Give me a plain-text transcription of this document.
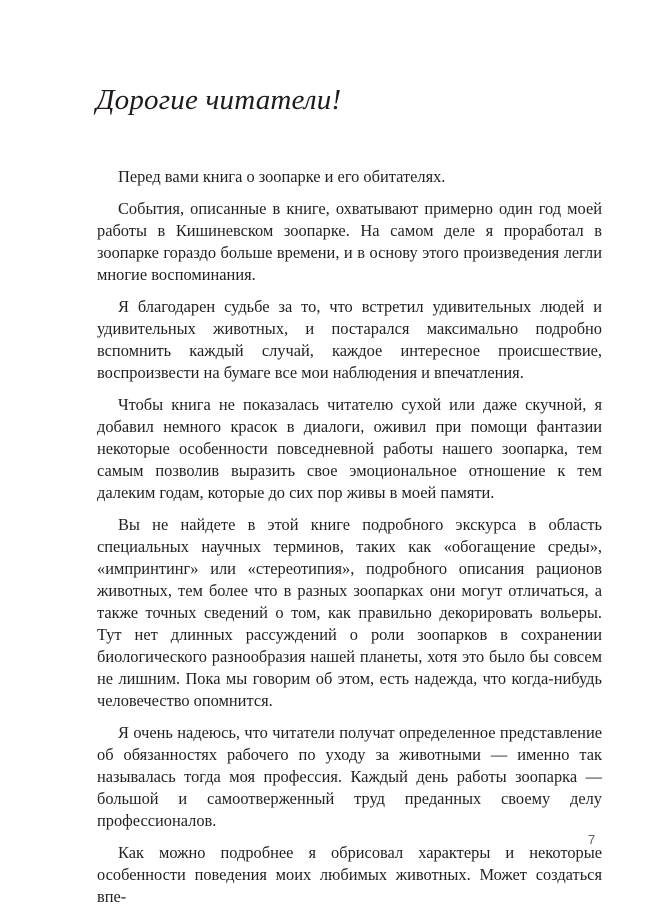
Дорогие читатели!

Перед вами книга о зоопарке и его обитателях.

События, описанные в книге, охватывают примерно один год моей работы в Кишиневском зоопарке. На самом деле я проработал в зоопарке гораздо больше времени, и в основу этого произведения легли многие воспоминания.

Я благодарен судьбе за то, что встретил удивительных людей и удивительных животных, и постарался максимально подробно вспомнить каждый случай, каждое интересное происшествие, воспроизвести на бумаге все мои наблюдения и впечатления.

Чтобы книга не показалась читателю сухой или даже скучной, я добавил немного красок в диалоги, оживил при помощи фантазии некоторые особенности повседневной работы нашего зоопарка, тем самым позволив выразить свое эмоциональное отношение к тем далеким годам, которые до сих пор живы в моей памяти.

Вы не найдете в этой книге подробного экскурса в область специальных научных терминов, таких как «обогащение среды», «импринтинг» или «стереотипия», подробного описания рационов животных, тем более что в разных зоопарках они могут отличаться, а также точных сведений о том, как правильно декорировать вольеры. Тут нет длинных рассуждений о роли зоопарков в сохранении биологического разнообразия нашей планеты, хотя это было бы совсем не лишним. Пока мы говорим об этом, есть надежда, что когда-нибудь человечество опомнится.

Я очень надеюсь, что читатели получат определенное представление об обязанностях рабочего по уходу за животными — именно так называлась тогда моя профессия. Каждый день работы зоопарка — большой и самоотверженный труд преданных своему делу профессионалов.

Как можно подробнее я обрисовал характеры и некоторые особенности поведения моих любимых животных. Может создаться впе-

7
